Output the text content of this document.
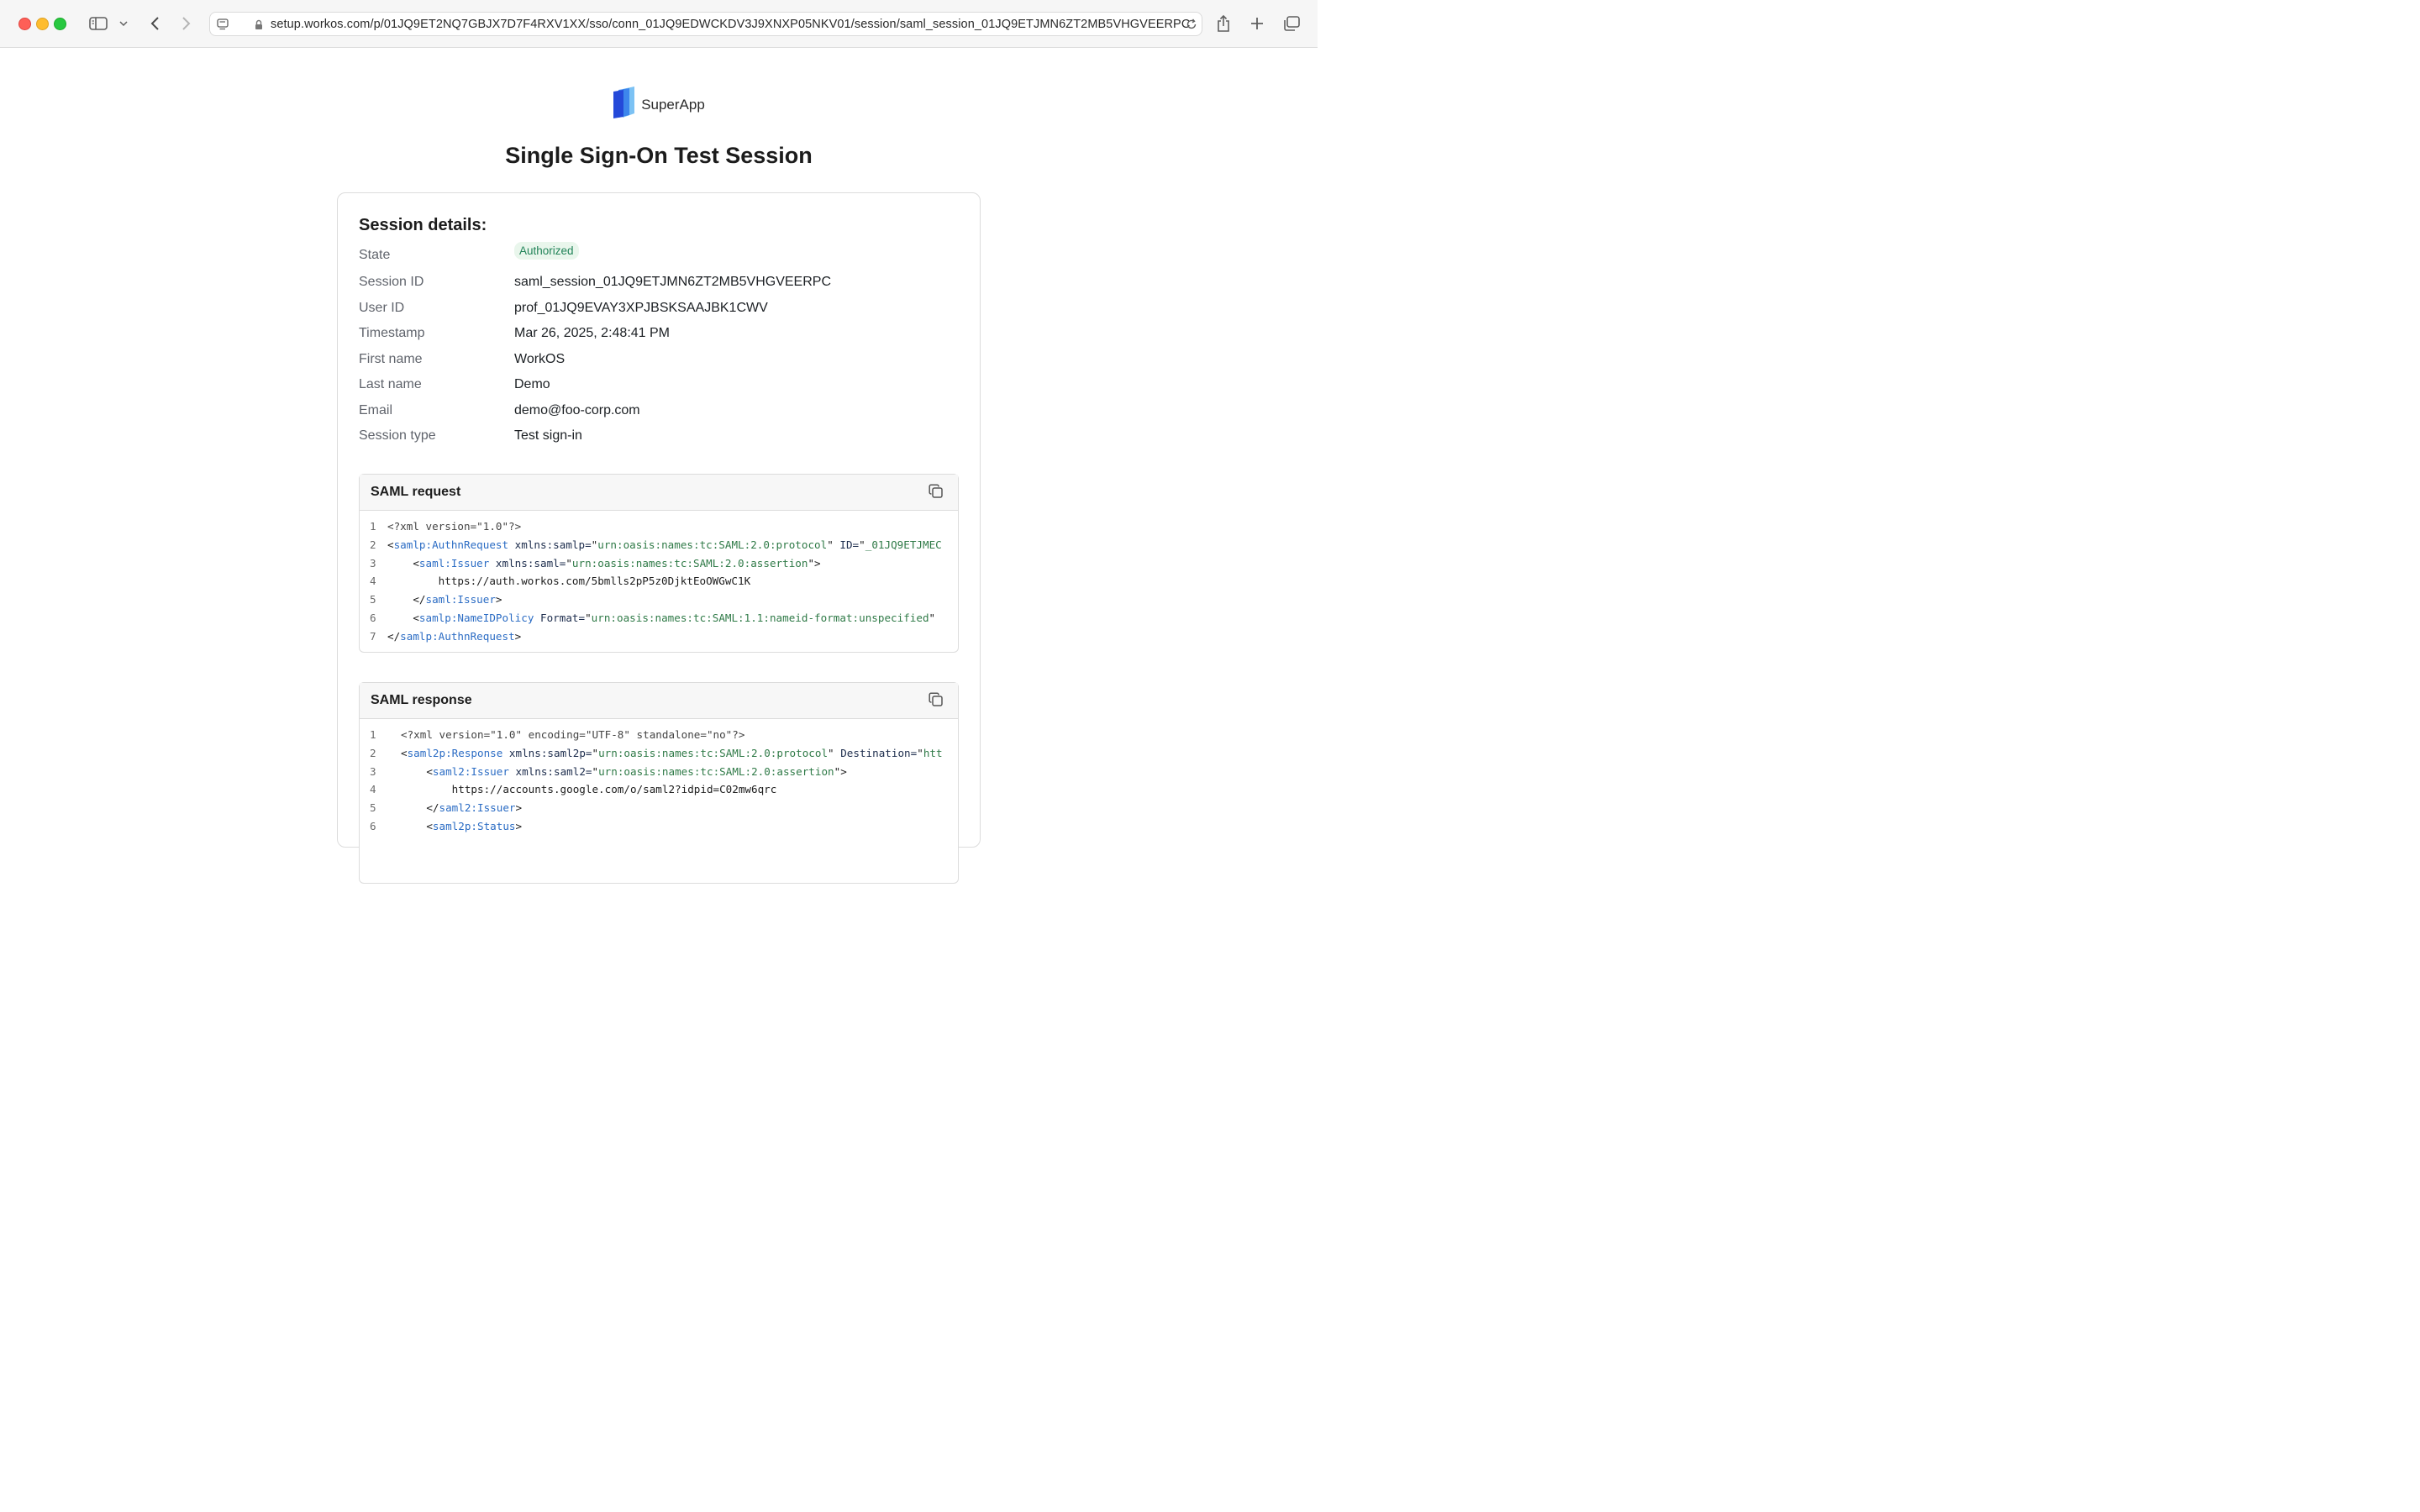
setup.workos.com/p/01JQ9ET2NQ7GBJX7D7F4RXV1XX/sso/conn_01JQ9EDWCKDV3J9XNXP05NKV01/session/saml_session_01JQ9ETJMN6ZT2MB5VHGVEERPC
SuperApp
Single Sign-On Test Session
Session details:
State	Authorized
Session ID	saml_session_01JQ9ETJMN6ZT2MB5VHGVEERPC
User ID	prof_01JQ9EVAY3XPJBSKSAAJBK1CWV
Timestamp	Mar 26, 2025, 2:48:41 PM
First name	WorkOS
Last name	Demo
Email	demo@foo-corp.com
Session type	Test sign-in
SAML request
1 <?xml version="1.0"?>
2 <samlp:AuthnRequest xmlns:samlp="urn:oasis:names:tc:SAML:2.0:protocol" ID="_01JQ9ETJMEC
3 <saml:Issuer xmlns:saml="urn:oasis:names:tc:SAML:2.0:assertion">
4 https://auth.workos.com/5bmlls2pP5z0DjktEoOWGwC1K
5 </saml:Issuer>
6 <samlp:NameIDPolicy Format="urn:oasis:names:tc:SAML:1.1:nameid-format:unspecified"
7 </samlp:AuthnRequest>
SAML response
1 <?xml version="1.0" encoding="UTF-8" standalone="no"?>
2 <saml2p:Response xmlns:saml2p="urn:oasis:names:tc:SAML:2.0:protocol" Destination="htt
3 <saml2:Issuer xmlns:saml2="urn:oasis:names:tc:SAML:2.0:assertion">
4 https://accounts.google.com/o/saml2?idpid=C02mw6qrc
5 </saml2:Issuer>
6 <saml2p:Status>
